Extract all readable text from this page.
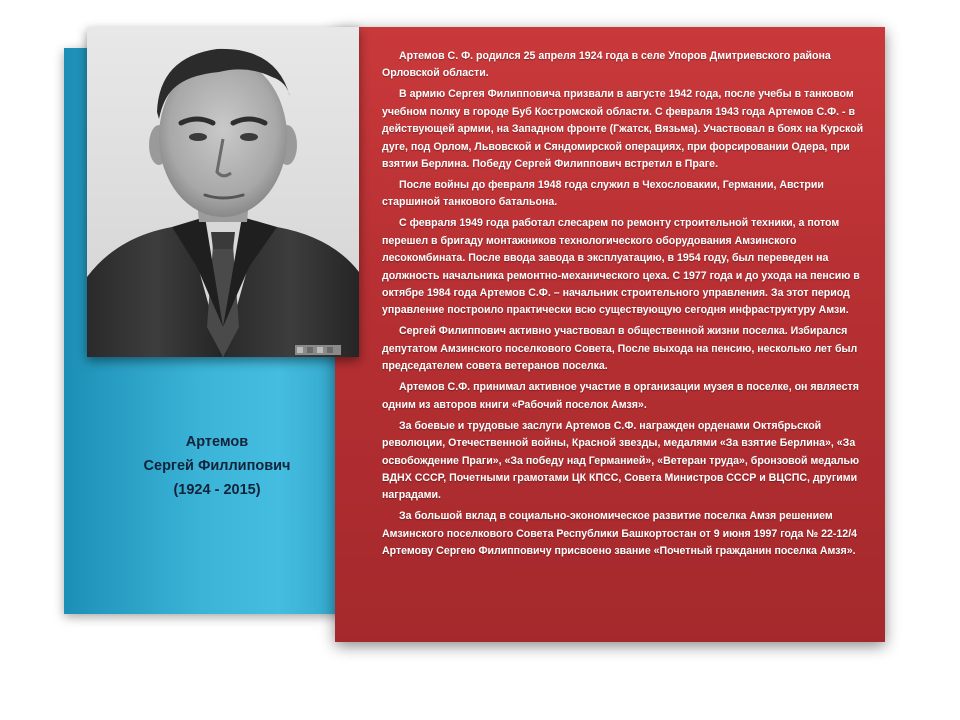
Артемов
Сергей Филлипович
(1924 - 2015)

Артемов С. Ф. родился 25 апреля 1924 года в селе Упоров Дмитриевского района Орловской области.

В армию Сергея Филипповича призвали в августе 1942 года, после учебы в танковом учебном полку в городе Буб Костромской области. С февраля 1943 года Артемов С.Ф. - в действующей армии, на Западном фронте (Гжатск, Вязьма). Участвовал в боях на Курской дуге, под Орлом, Львовской и Сяндомирской операциях, при форсировании Одера, при взятии Берлина. Победу Сергей Филиппович встретил в Праге.

После войны до февраля 1948 года служил в Чехословакии, Германии, Австрии старшиной танкового батальона.

С февраля 1949 года работал слесарем по ремонту строительной техники, а потом перешел в бригаду монтажников технологического оборудования Амзинского лесокомбината. После ввода завода в эксплуатацию, в 1954 году, был переведен на должность начальника ремонтно-механического цеха. С 1977 года и до ухода на пенсию в октябре 1984 года Артемов С.Ф. – начальник строительного управления. За этот период управление построило практически всю существующую сегодня инфраструктуру Амзи.

Сергей Филиппович активно участвовал в общественной жизни поселка. Избирался депутатом Амзинского поселкового Совета, После выхода на пенсию, несколько лет был председателем совета ветеранов поселка.

Артемов С.Ф. принимал активное участие в организации музея в поселке, он являестя одним из авторов книги «Рабочий поселок Амзя».

За боевые и трудовые заслуги Артемов С.Ф. награжден орденами Октябрьской революции, Отечественной войны, Красной звезды, медалями «За взятие Берлина», «За освобождение Праги», «За победу над Германией», «Ветеран труда», бронзовой медалью ВДНХ СССР, Почетными грамотами ЦК КПСС, Совета Министров СССР и ВЦСПС, другими наградами.

За большой вклад в социально-экономическое развитие поселка Амзя решением Амзинского поселкового Совета Республики Башкортостан от 9 июня 1997 года № 22-12/4 Артемову Сергею Филипповичу присвоено звание «Почетный гражданин поселка Амзя».
